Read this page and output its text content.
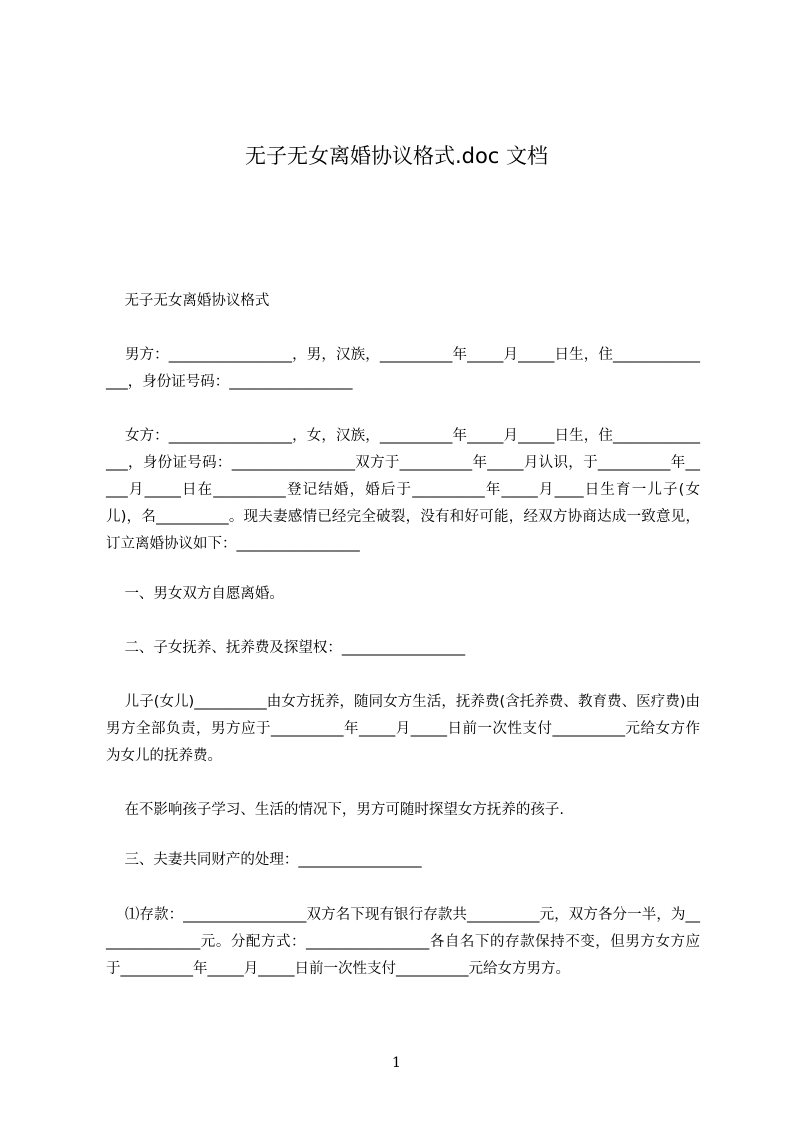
无子无女离婚协议格式.doc 文档

无子无女离婚协议格式

男方：_________________，男，汉族，__________年_____月_____日生，住_______________，身份证号码：_________________

女方：_________________，女，汉族，__________年_____月_____日生，住_______________，身份证号码：_________________双方于__________年_____月认识，于__________年_____月_____日在__________登记结婚，婚后于__________年_____月____日生育一儿子(女儿)，名__________。现夫妻感情已经完全破裂，没有和好可能，经双方协商达成一致意见，订立离婚协议如下：_________________

一、男女双方自愿离婚。

二、子女抚养、抚养费及探望权：_________________

儿子(女儿)__________由女方抚养，随同女方生活，抚养费(含托养费、教育费、医疗费)由男方全部负责，男方应于__________年_____月_____日前一次性支付__________元给女方作为女儿的抚养费。

在不影响孩子学习、生活的情况下，男方可随时探望女方抚养的孩子.

三、夫妻共同财产的处理：_________________

⑴存款：_________________双方名下现有银行存款共__________元，双方各分一半，为_______________元。分配方式：_________________各自名下的存款保持不变，但男方女方应于__________年_____月_____日前一次性支付__________元给女方男方。

1
